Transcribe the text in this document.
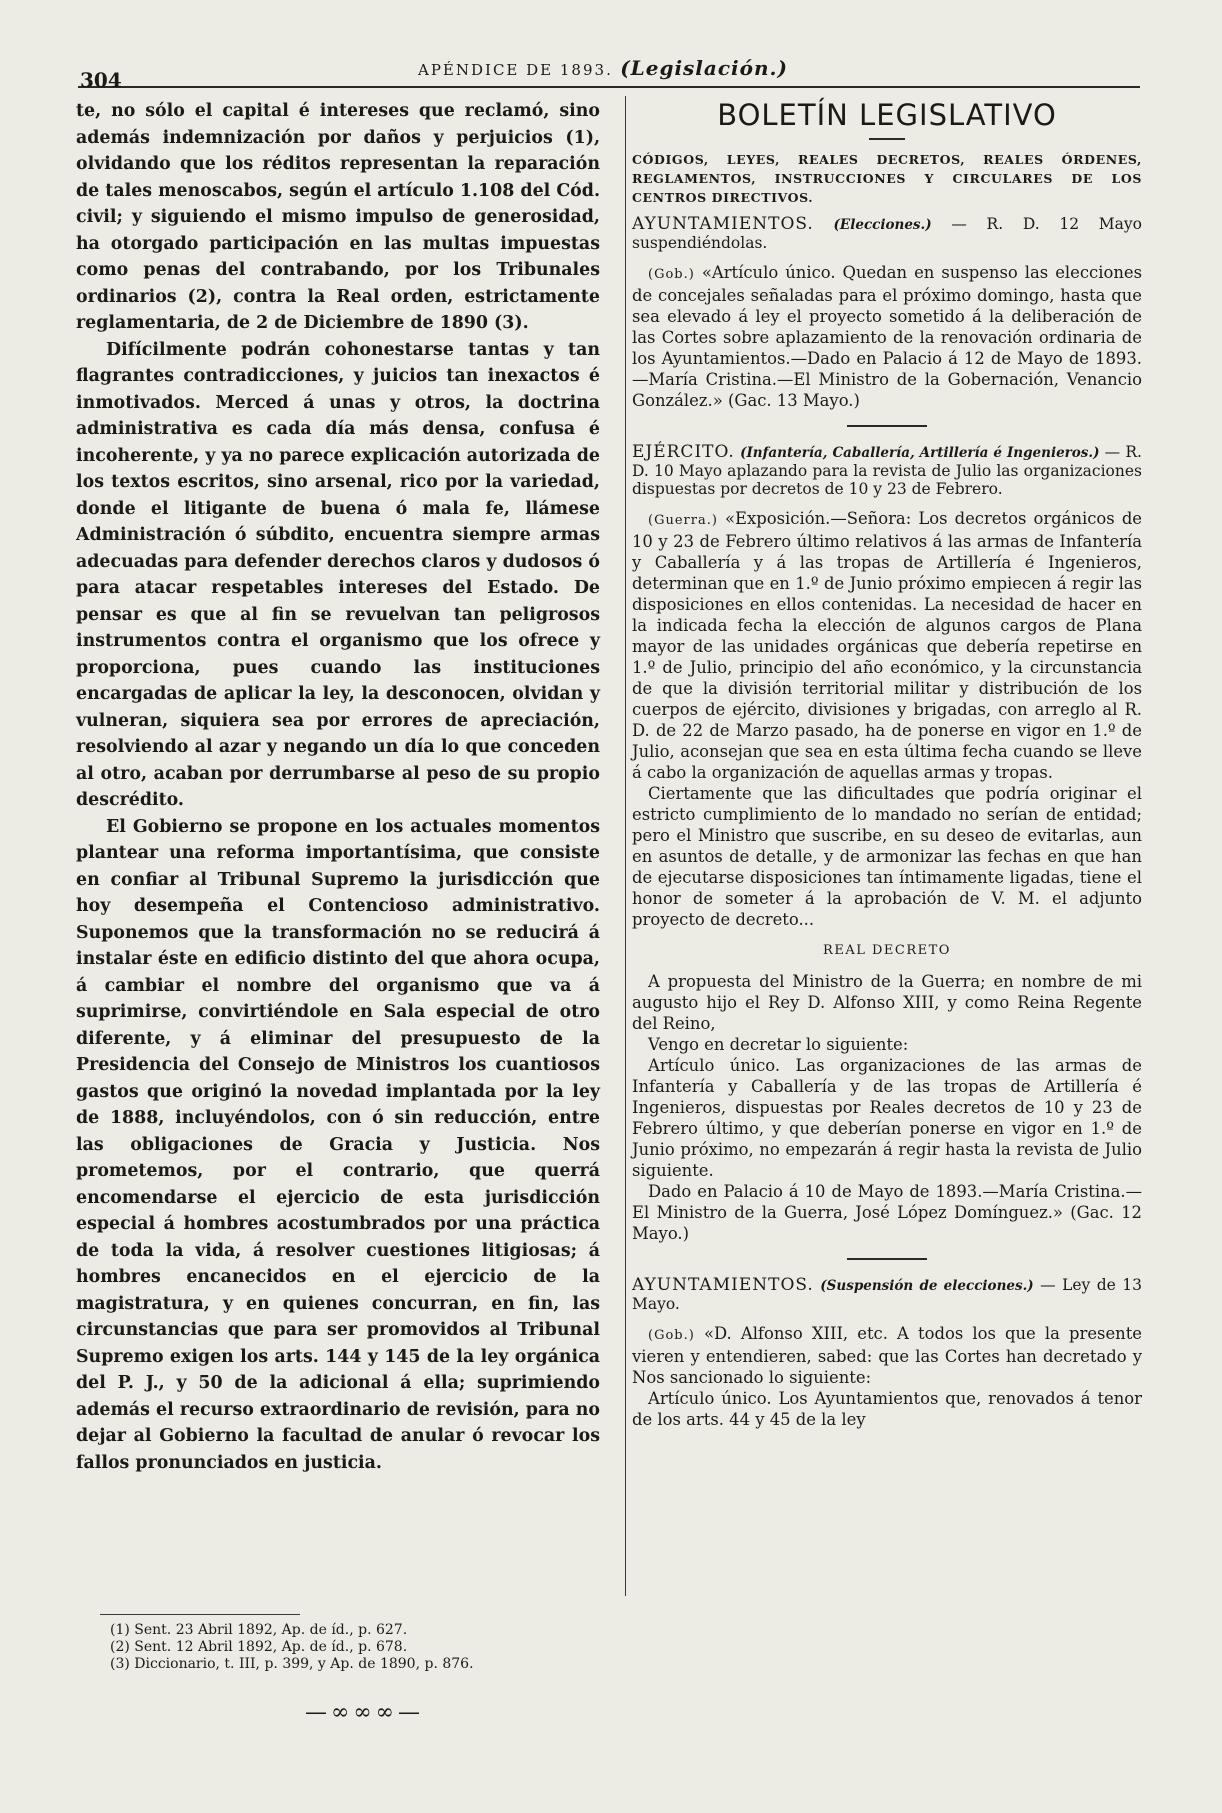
304	APÉNDICE DE 1893. (Legislación.)

te, no sólo el capital é intereses que reclamó, sino además indemnización por daños y perjuicios (1), olvidando que los réditos representan la reparación de tales menoscabos, según el artículo 1.108 del Cód. civil; y siguiendo el mismo impulso de generosidad, ha otorgado participación en las multas impuestas como penas del contrabando, por los Tribunales ordinarios (2), contra la Real orden, estrictamente reglamentaria, de 2 de Diciembre de 1890 (3).

Difícilmente podrán cohonestarse tantas y tan flagrantes contradicciones, y juicios tan inexactos é inmotivados. Merced á unas y otros, la doctrina administrativa es cada día más densa, confusa é incoherente, y ya no parece explicación autorizada de los textos escritos, sino arsenal, rico por la variedad, donde el litigante de buena ó mala fe, llámese Administración ó súbdito, encuentra siempre armas adecuadas para defender derechos claros y dudosos ó para atacar respetables intereses del Estado. De pensar es que al fin se revuelvan tan peligrosos instrumentos contra el organismo que los ofrece y proporciona, pues cuando las instituciones encargadas de aplicar la ley, la desconocen, olvidan y vulneran, siquiera sea por errores de apreciación, resolviendo al azar y negando un día lo que conceden al otro, acaban por derrumbarse al peso de su propio descrédito.

El Gobierno se propone en los actuales momentos plantear una reforma importantísima, que consiste en confiar al Tribunal Supremo la jurisdicción que hoy desempeña el Contencioso administrativo. Suponemos que la transformación no se reducirá á instalar éste en edificio distinto del que ahora ocupa, á cambiar el nombre del organismo que va á suprimirse, convirtiéndole en Sala especial de otro diferente, y á eliminar del presupuesto de la Presidencia del Consejo de Ministros los cuantiosos gastos que originó la novedad implantada por la ley de 1888, incluyéndolos, con ó sin reducción, entre las obligaciones de Gracia y Justicia. Nos prometemos, por el contrario, que querrá encomendarse el ejercicio de esta jurisdicción especial á hombres acostumbrados por una práctica de toda la vida, á resolver cuestiones litigiosas; á hombres encanecidos en el ejercicio de la magistratura, y en quienes concurran, en fin, las circunstancias que para ser promovidos al Tribunal Supremo exigen los arts. 144 y 145 de la ley orgánica del P. J., y 50 de la adicional á ella; suprimiendo además el recurso extraordinario de revisión, para no dejar al Gobierno la facultad de anular ó revocar los fallos pronunciados en justicia.

(1) Sent. 23 Abril 1892, Ap. de íd., p. 627.
(2) Sent. 12 Abril 1892, Ap. de íd., p. 678.
(3) Diccionario, t. III, p. 399, y Ap. de 1890, p. 876.
—∞∞∞—
BOLETÍN LEGISLATIVO
CÓDIGOS, LEYES, REALES DECRETOS, REALES ÓRDENES, REGLAMENTOS, INSTRUCCIONES Y CIRCULARES DE LOS CENTROS DIRECTIVOS.
AYUNTAMIENTOS. (Elecciones.) — R. D. 12 Mayo suspendiéndolas.

(Gob.) «Artículo único. Quedan en suspenso las elecciones de concejales señaladas para el próximo domingo, hasta que sea elevado á ley el proyecto sometido á la deliberación de las Cortes sobre aplazamiento de la renovación ordinaria de los Ayuntamientos.—Dado en Palacio á 12 de Mayo de 1893.—María Cristina.—El Ministro de la Gobernación, Venancio González.» (Gac. 13 Mayo.)

EJÉRCITO. (Infantería, Caballería, Artillería é Ingenieros.) — R. D. 10 Mayo aplazando para la revista de Julio las organizaciones dispuestas por decretos de 10 y 23 de Febrero.

(Guerra.) «Exposición.—Señora: Los decretos orgánicos de 10 y 23 de Febrero último relativos á las armas de Infantería y Caballería y á las tropas de Artillería é Ingenieros, determinan que en 1.º de Junio próximo empiecen á regir las disposiciones en ellos contenidas. La necesidad de hacer en la indicada fecha la elección de algunos cargos de Plana mayor de las unidades orgánicas que debería repetirse en 1.º de Julio, principio del año económico, y la circunstancia de que la división territorial militar y distribución de los cuerpos de ejército, divisiones y brigadas, con arreglo al R. D. de 22 de Marzo pasado, ha de ponerse en vigor en 1.º de Julio, aconsejan que sea en esta última fecha cuando se lleve á cabo la organización de aquellas armas y tropas.

Ciertamente que las dificultades que podría originar el estricto cumplimiento de lo mandado no serían de entidad; pero el Ministro que suscribe, en su deseo de evitarlas, aun en asuntos de detalle, y de armonizar las fechas en que han de ejecutarse disposiciones tan íntimamente ligadas, tiene el honor de someter á la aprobación de V. M. el adjunto proyecto de decreto...

REAL DECRETO

A propuesta del Ministro de la Guerra; en nombre de mi augusto hijo el Rey D. Alfonso XIII, y como Reina Regente del Reino,

Vengo en decretar lo siguiente:

Artículo único. Las organizaciones de las armas de Infantería y Caballería y de las tropas de Artillería é Ingenieros, dispuestas por Reales decretos de 10 y 23 de Febrero último, y que deberían ponerse en vigor en 1.º de Junio próximo, no empezarán á regir hasta la revista de Julio siguiente.

Dado en Palacio á 10 de Mayo de 1893.—María Cristina.—El Ministro de la Guerra, José López Domínguez.» (Gac. 12 Mayo.)

AYUNTAMIENTOS. (Suspensión de elecciones.) — Ley de 13 Mayo.

(Gob.) «D. Alfonso XIII, etc. A todos los que la presente vieren y entendieren, sabed: que las Cortes han decretado y Nos sancionado lo siguiente:

Artículo único. Los Ayuntamientos que, renovados á tenor de los arts. 44 y 45 de la ley
